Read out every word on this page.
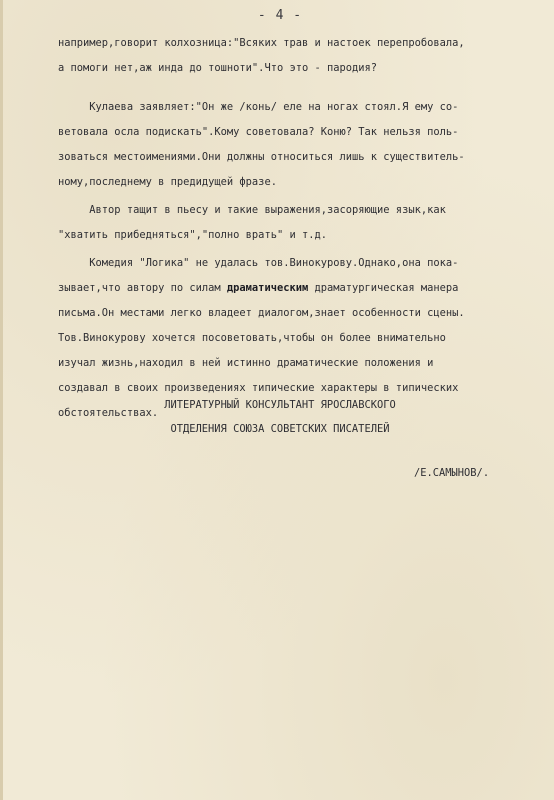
- 4 -
например,говорит колхозница:"Всяких трав и настоек перепробовала,
а помоги нет,аж инда до тошноти".Что это - пародия?
Кулаева заявляет:"Он же /конь/ еле на ногах стоял.Я ему со-
ветовала осла подискать".Кому советовала? Коню? Так нельзя поль-
зоваться местоимениями.Они должны относиться лишь к существитель-
ному,последнему в предидущей фразе.
Автор тащит в пьесу и такие выражения,засоряющие язык,как
"хватить прибедняться","полно врать" и т.д.
Комедия "Логика" не удалась тов.Винокурову.Однако,она пока-
зывает,что автору по силам драматическим драматургическая манера
письма.Он местами легко владеет диалогом,знает особенности сцены.
Тов.Винокурову хочется посоветовать,чтобы он более внимательно
изучал жизнь,находил в ней истинно драматические положения и
создавал в своих произведениях типические характеры в типических
обстоятельствах.
ЛИТЕРАТУРНЫЙ КОНСУЛЬТАНТ ЯРОСЛАВСКОГО
ОТДЕЛЕНИЯ СОЮЗА СОВЕТСКИХ ПИСАТЕЛЕЙ
/Е.САМЫНОВ/.
